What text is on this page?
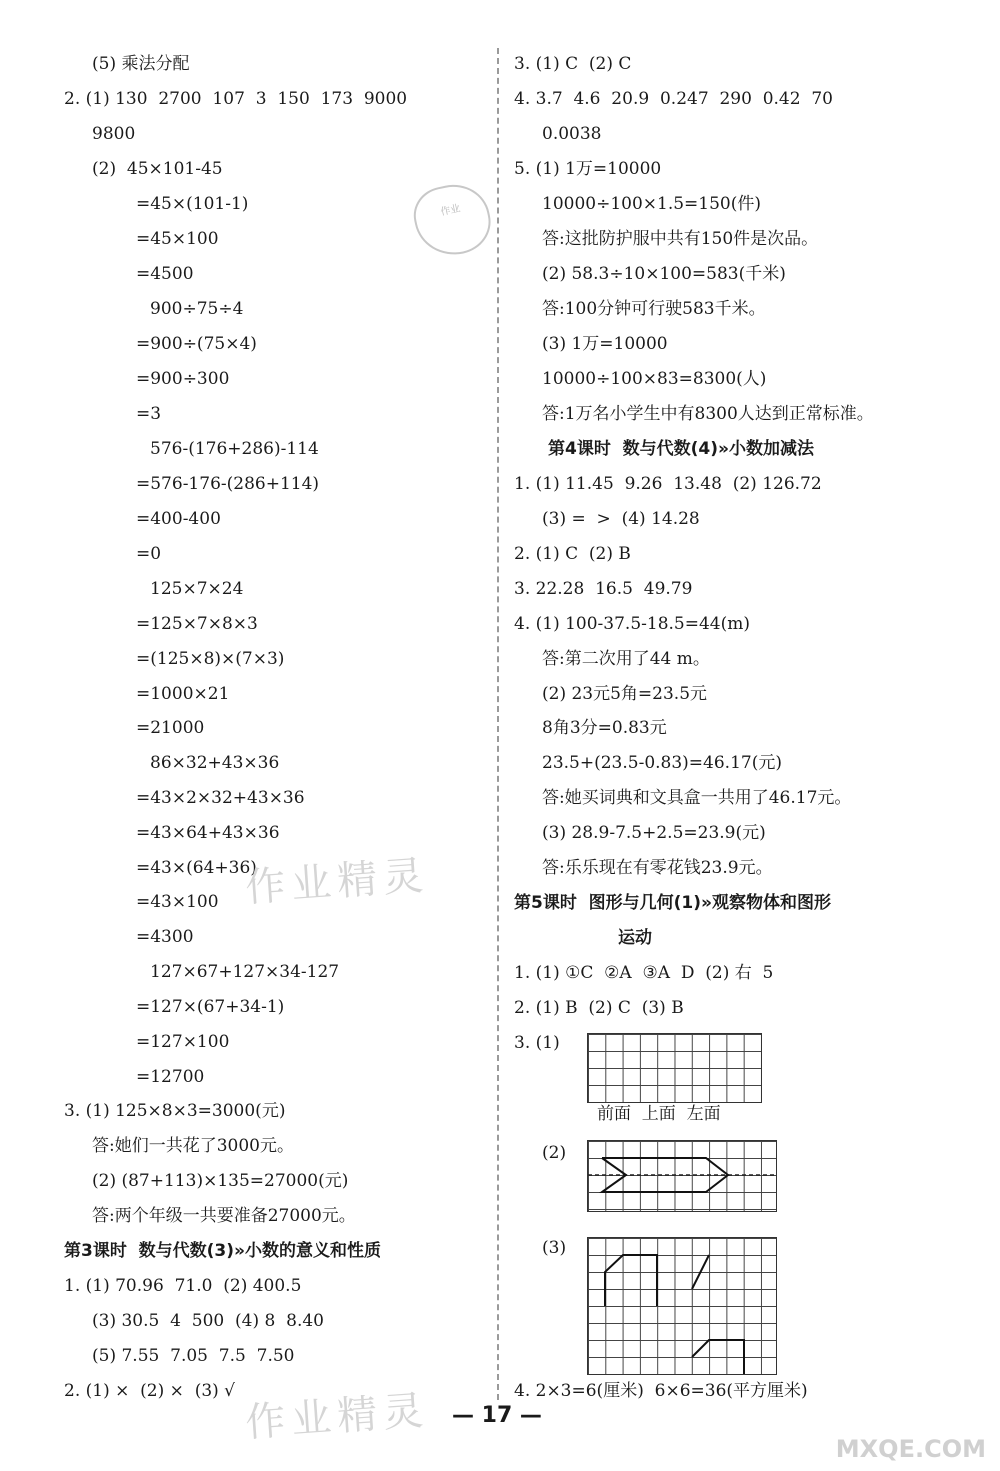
(5) 乘法分配
2. (1) 130  2700  107  3  150  173  9000
9800
(2)  45×101-45
=45×(101-1)
=45×100
=4500
900÷75÷4
=900÷(75×4)
=900÷300
=3
576-(176+286)-114
=576-176-(286+114)
=400-400
=0
125×7×24
=125×7×8×3
=(125×8)×(7×3)
=1000×21
=21000
86×32+43×36
=43×2×32+43×36
=43×64+43×36
=43×(64+36)
=43×100
=4300
127×67+127×34-127
=127×(67+34-1)
=127×100
=12700
3. (1) 125×8×3=3000(元)
答:她们一共花了3000元。
(2) (87+113)×135=27000(元)
答:两个年级一共要准备27000元。
第3课时  数与代数(3)»小数的意义和性质
1. (1) 70.96  71.0  (2) 400.5
(3) 30.5  4  500  (4) 8  8.40
(5) 7.55  7.05  7.5  7.50
2. (1) ×  (2) ×  (3) √
3. (1) C  (2) C
4. 3.7  4.6  20.9  0.247  290  0.42  70
0.0038
5. (1) 1万=10000
10000÷100×1.5=150(件)
答:这批防护服中共有150件是次品。
(2) 58.3÷10×100=583(千米)
答:100分钟可行驶583千米。
(3) 1万=10000
10000÷100×83=8300(人)
答:1万名小学生中有8300人达到正常标准。
第4课时  数与代数(4)»小数加减法
1. (1) 11.45  9.26  13.48  (2) 126.72
(3) =  >  (4) 14.28
2. (1) C  (2) B
3. 22.28  16.5  49.79
4. (1) 100-37.5-18.5=44(m)
答:第二次用了44 m。
(2) 23元5角=23.5元
8角3分=0.83元
23.5+(23.5-0.83)=46.17(元)
答:她买词典和文具盒一共用了46.17元。
(3) 28.9-7.5+2.5=23.9(元)
答:乐乐现在有零花钱23.9元。
第5课时  图形与几何(1)»观察物体和图形
运动
1. (1) ①C  ②A  ③A  D  (2) 右  5
2. (1) B  (2) C  (3) B
3. (1)
前面  上面  左面
(2)
(3)
4. 2×3=6(厘米)  6×6=36(平方厘米)
作业精灵
作业精灵
作业
MXQE.COM
— 17 —
